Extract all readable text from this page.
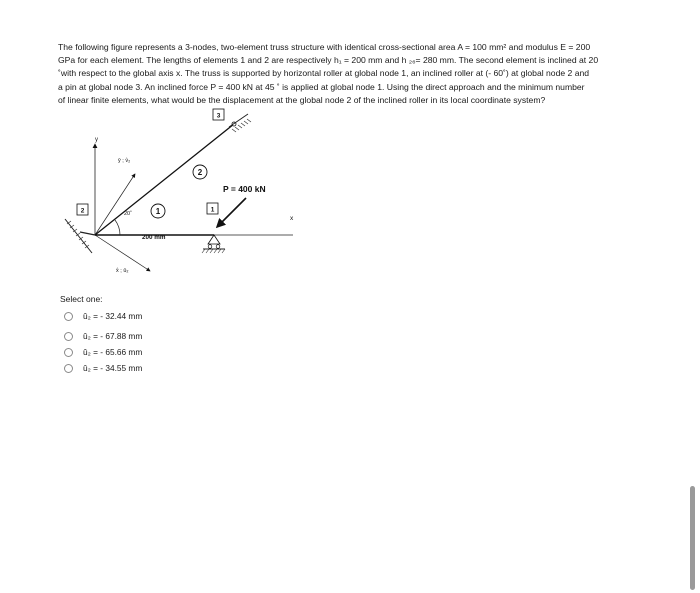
The following figure represents a 3-nodes, two-element truss structure with identical cross-sectional area A = 100 mm² and modulus E = 200
GPa for each element. The lengths of elements 1 and 2 are respectively h₁ = 200 mm and h ₂₆= 280 mm. The second element is inclined at 20
˚with respect to the global axis x. The truss is supported by horizontal roller at global node 1, an inclined roller at (- 60˚) at global node 2 and
a pin at global node 3. An inclined force P = 400 kN at 45 ˚ is applied at global node 1. Using the direct approach and the minimum number
of linear finite elements, what would be the displacement at the global node 2 of the inclined roller in its local coordinate system?
y
x
ŷ ; v̂₂
x̂ ; û₂
20˚	1
2
200 mm
2
3
1
P = 400 kN

Select one:

û₂ = - 32.44 mm
û₂ = - 67.88 mm
û₂ = - 65.66 mm
û₂ = - 34.55 mm
